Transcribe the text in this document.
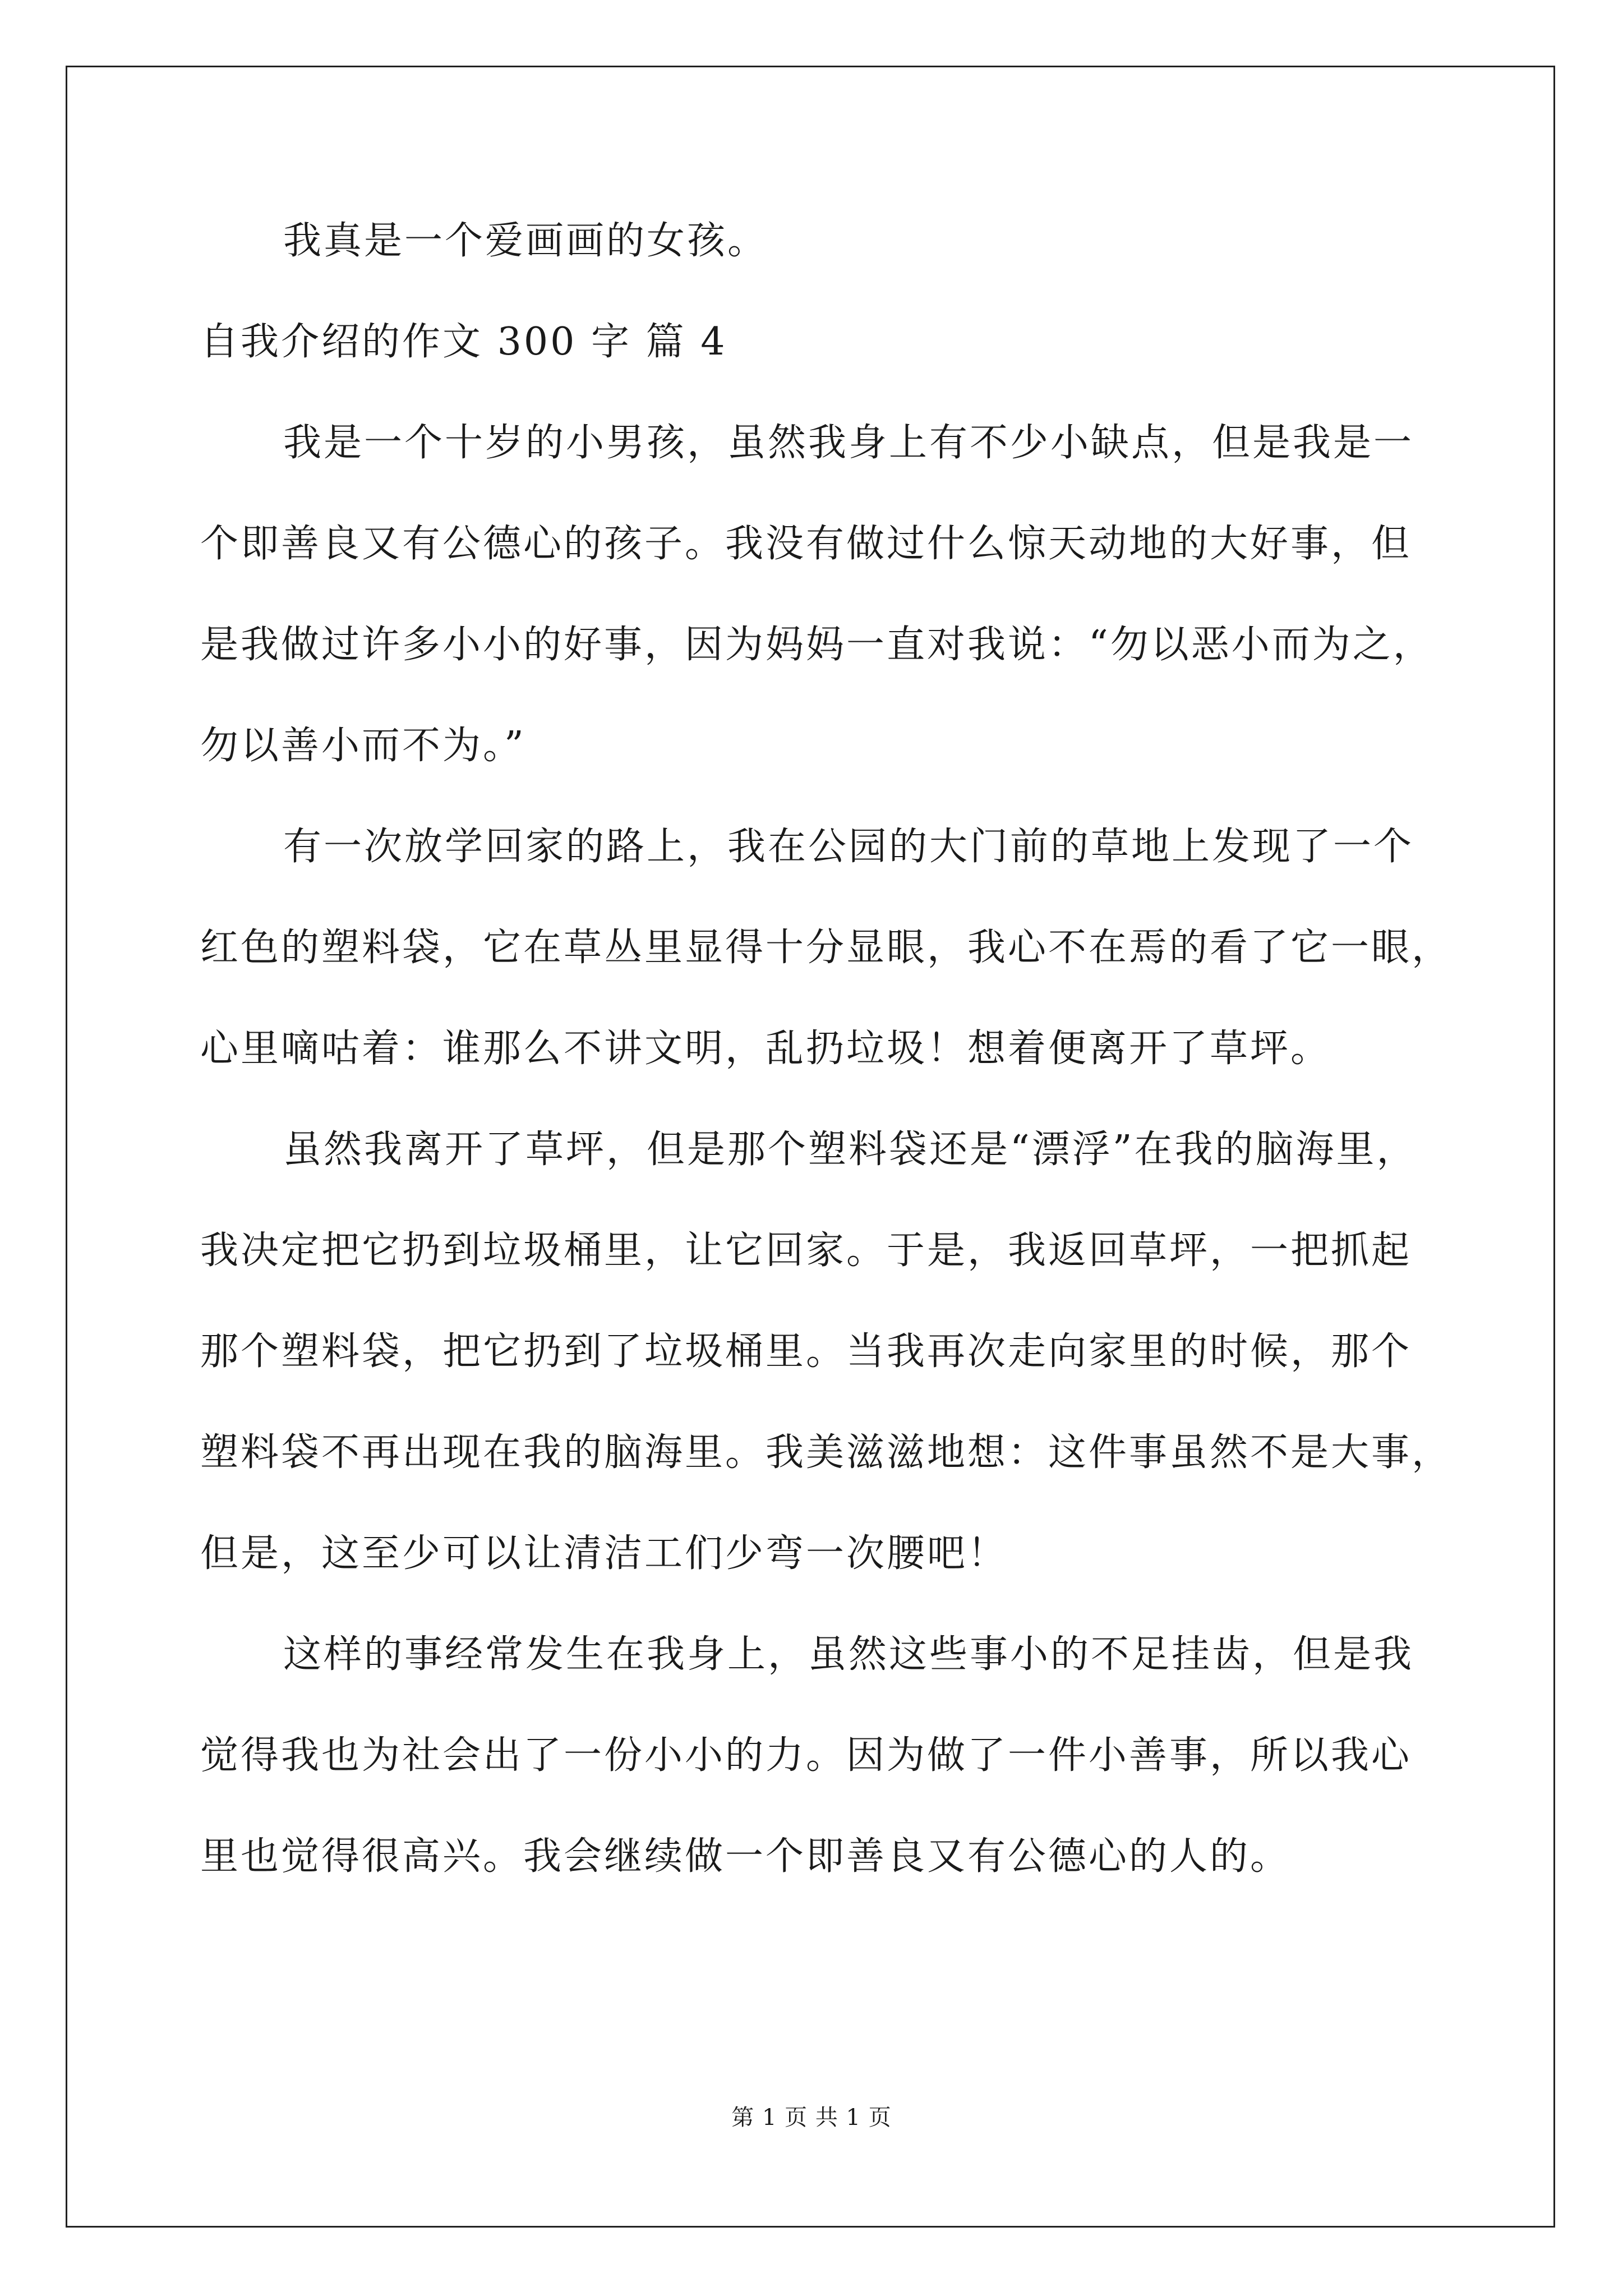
我真是一个爱画画的女孩。
自我介绍的作文 300 字 篇 4
我是一个十岁的小男孩，虽然我身上有不少小缺点，但是我是一
个即善良又有公德心的孩子。我没有做过什么惊天动地的大好事，但
是我做过许多小小的好事，因为妈妈一直对我说：“勿以恶小而为之，
勿以善小而不为。”
有一次放学回家的路上，我在公园的大门前的草地上发现了一个
红色的塑料袋，它在草丛里显得十分显眼，我心不在焉的看了它一眼，
心里嘀咕着：谁那么不讲文明，乱扔垃圾！想着便离开了草坪。
虽然我离开了草坪，但是那个塑料袋还是“漂浮”在我的脑海里，
我决定把它扔到垃圾桶里，让它回家。于是，我返回草坪，一把抓起
那个塑料袋，把它扔到了垃圾桶里。当我再次走向家里的时候，那个
塑料袋不再出现在我的脑海里。我美滋滋地想：这件事虽然不是大事，
但是，这至少可以让清洁工们少弯一次腰吧！
这样的事经常发生在我身上，虽然这些事小的不足挂齿，但是我
觉得我也为社会出了一份小小的力。因为做了一件小善事，所以我心
里也觉得很高兴。我会继续做一个即善良又有公德心的人的。
第 1 页 共 1 页
